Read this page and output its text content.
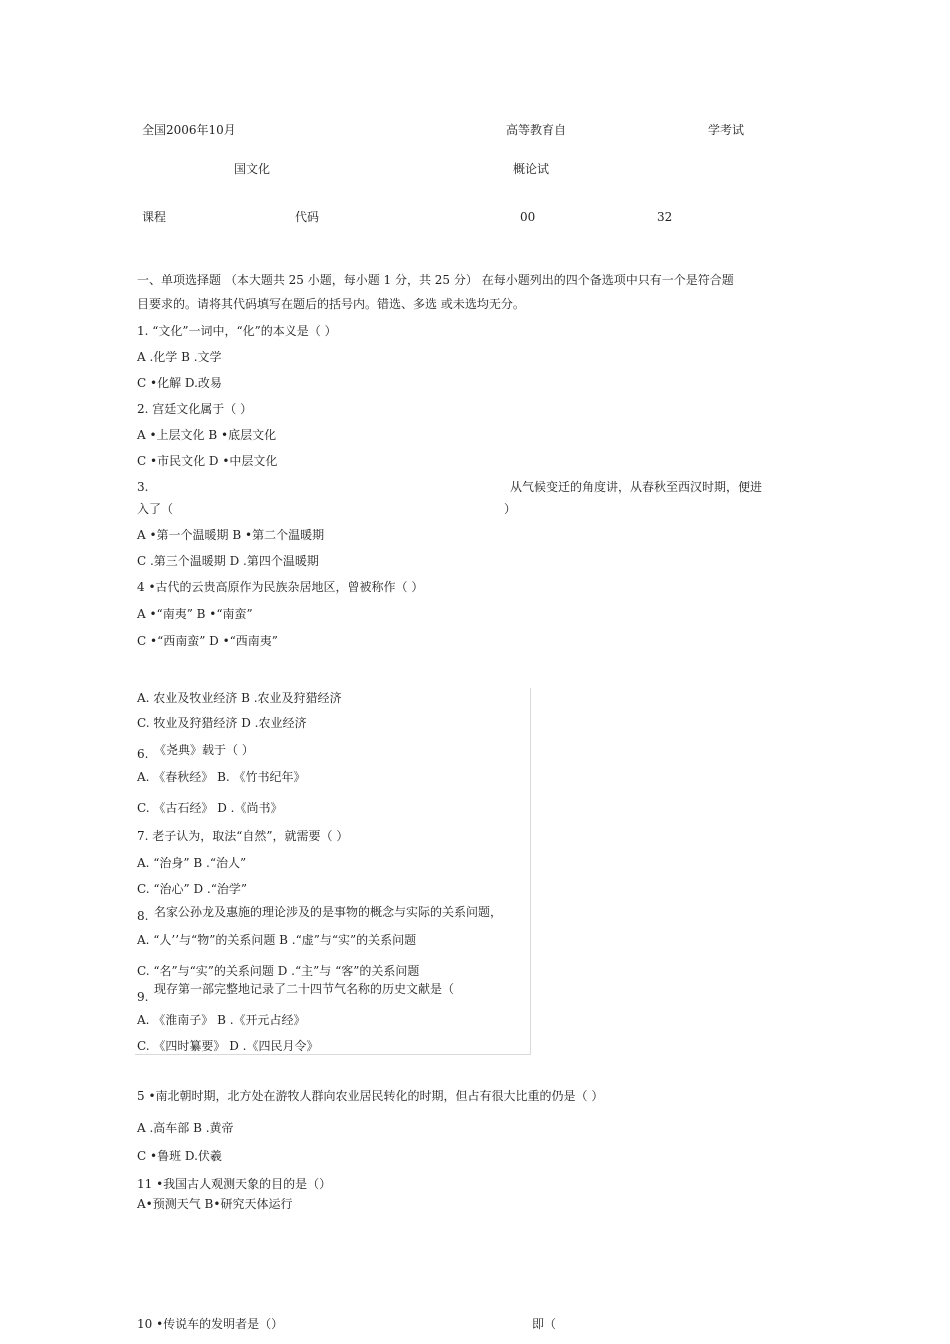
全国2006年10月	高等教育自	学考试
国文化	概论试
课程	代码	00	32
一、单项选择题 （本大题共 25 小题，每小题 1 分，共 25 分） 在每小题列出的四个备选项中只有一个是符合题
目要求的。请将其代码填写在题后的括号内。错选、多选 或未选均无分。
1. “文化”一词中，“化”的本义是（ ）
A .化学 B .文学
C •化解 D.改易
2. 宫廷文化属于（ ）
A •上层文化 B •底层文化
C •市民文化 D •中层文化
3.	从气候变迁的角度讲，从春秋至西汉时期，便进
入了（	）
A •第一个温暖期 B •第二个温暖期
C .第三个温暖期 D .第四个温暖期
4 •古代的云贵高原作为民族杂居地区，曾被称作（ ）
A •“南夷” B •“南蛮”
C •“西南蛮” D •“西南夷”
A. 农业及牧业经济 B .农业及狩猎经济
C. 牧业及狩猎经济 D .农业经济
6. 《尧典》载于（ ）
A. 《春秋经》 B. 《竹书纪年》
C. 《古石经》 D .《尚书》
7. 老子认为，取法“自然”，就需要（ ）
A. “治身” B .“治人”
C. “治心” D .“治学”
8. 名家公孙龙及惠施的理论涉及的是事物的概念与实际的关系问题，
A. “人’’与“物”的关系问题 B .“虚”与“实”的关系问题
C. “名”与“实”的关系问题 D .“主”与 “客”的关系问题
9.
现存第一部完整地记录了二十四节气名称的历史文献是（
A. 《淮南子》 B .《开元占经》
C. 《四时纂要》 D .《四民月令》
5 •南北朝时期，北方处在游牧人群向农业居民转化的时期，但占有很大比重的仍是（ ）
A .高车部 B .黄帝
C •鲁班 D.伏羲
11 •我国古人观测天象的目的是（）
A•预测天气 B•研究天体运行
10 •传说车的发明者是（）	即（
